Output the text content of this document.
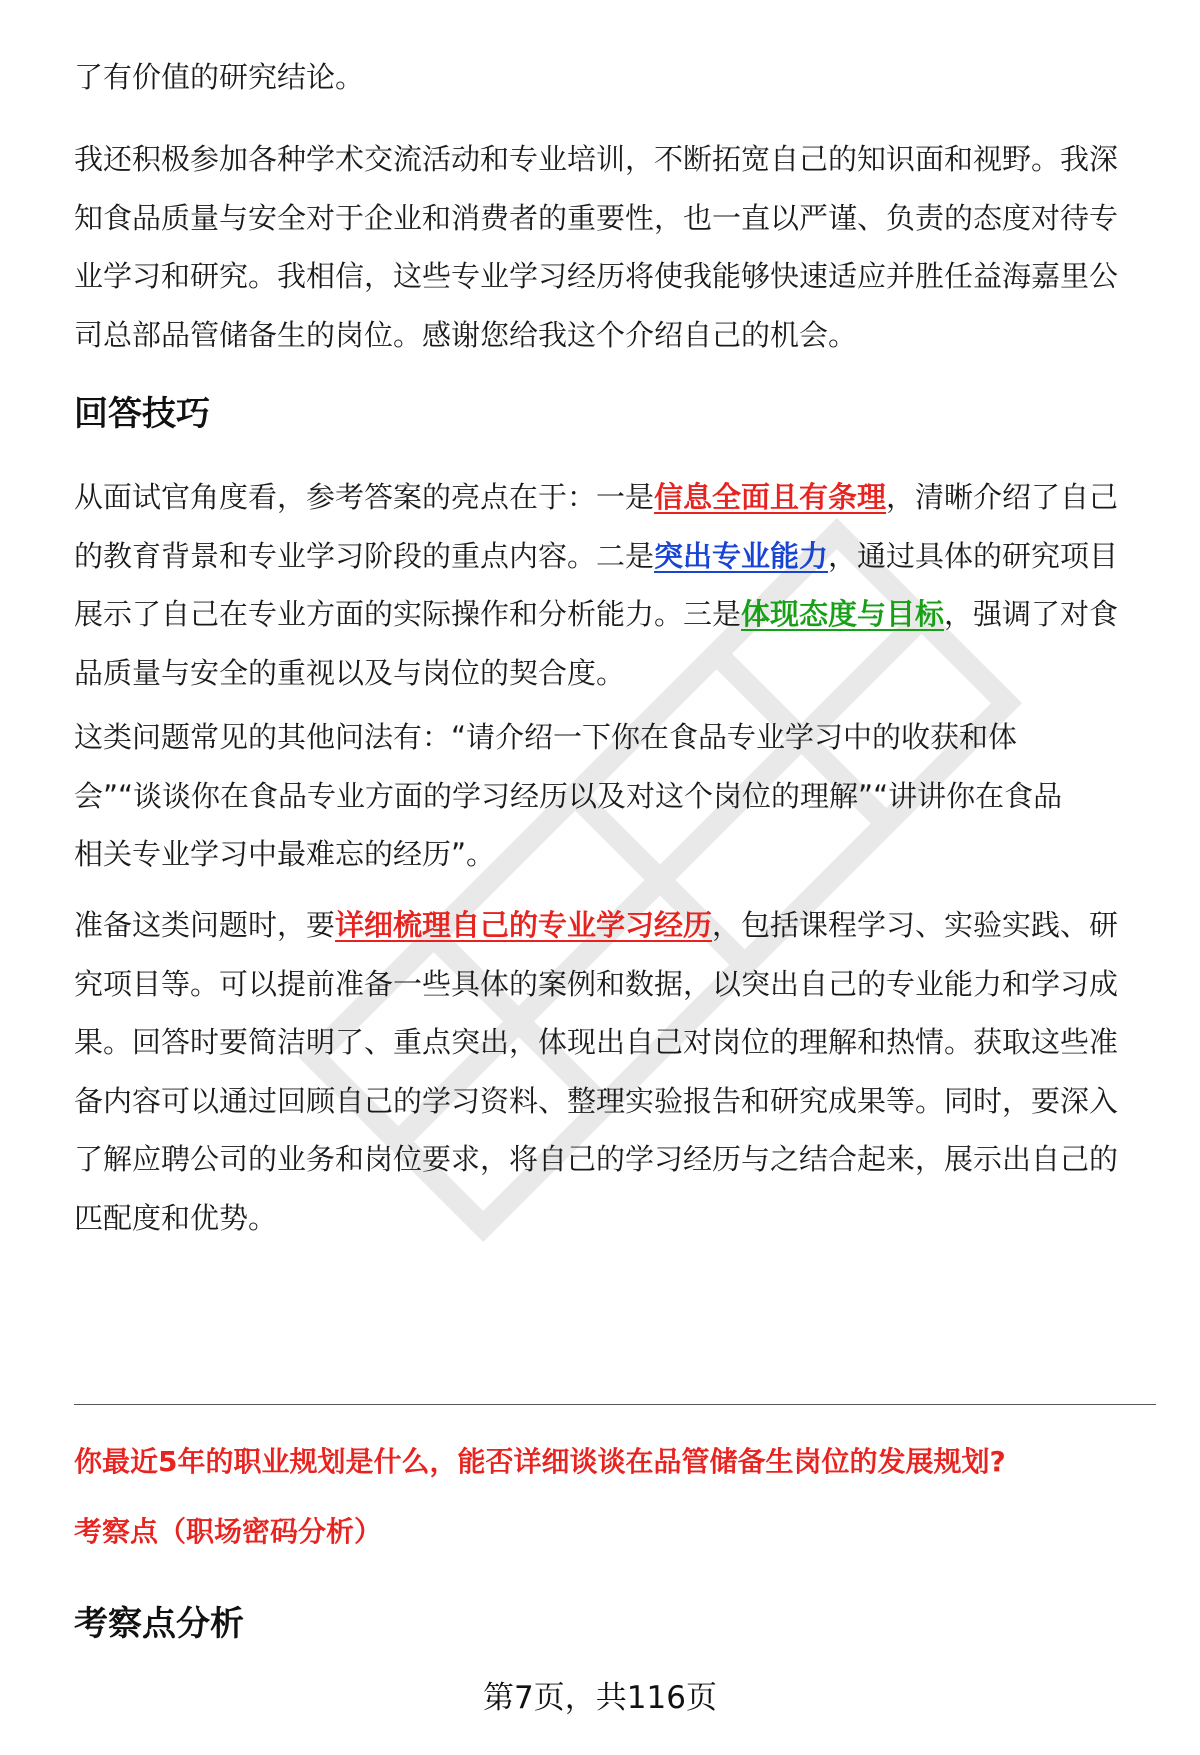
了有价值的研究结论。

我还积极参加各种学术交流活动和专业培训，不断拓宽自己的知识面和视野。我深知食品质量与安全对于企业和消费者的重要性，也一直以严谨、负责的态度对待专业学习和研究。我相信，这些专业学习经历将使我能够快速适应并胜任益海嘉里公司总部品管储备生的岗位。感谢您给我这个介绍自己的机会。

回答技巧

从面试官角度看，参考答案的亮点在于：一是信息全面且有条理，清晰介绍了自己的教育背景和专业学习阶段的重点内容。二是突出专业能力，通过具体的研究项目展示了自己在专业方面的实际操作和分析能力。三是体现态度与目标，强调了对食品质量与安全的重视以及与岗位的契合度。

这类问题常见的其他问法有：“请介绍一下你在食品专业学习中的收获和体
会”“谈谈你在食品专业方面的学习经历以及对这个岗位的理解”“讲讲你在食品
相关专业学习中最难忘的经历”。

准备这类问题时，要详细梳理自己的专业学习经历，包括课程学习、实验实践、研究项目等。可以提前准备一些具体的案例和数据，以突出自己的专业能力和学习成果。回答时要简洁明了、重点突出，体现出自己对岗位的理解和热情。获取这些准备内容可以通过回顾自己的学习资料、整理实验报告和研究成果等。同时，要深入了解应聘公司的业务和岗位要求，将自己的学习经历与之结合起来，展示出自己的匹配度和优势。

你最近5年的职业规划是什么，能否详细谈谈在品管储备生岗位的发展规划?
考察点（职场密码分析）
考察点分析
第7页，共116页
